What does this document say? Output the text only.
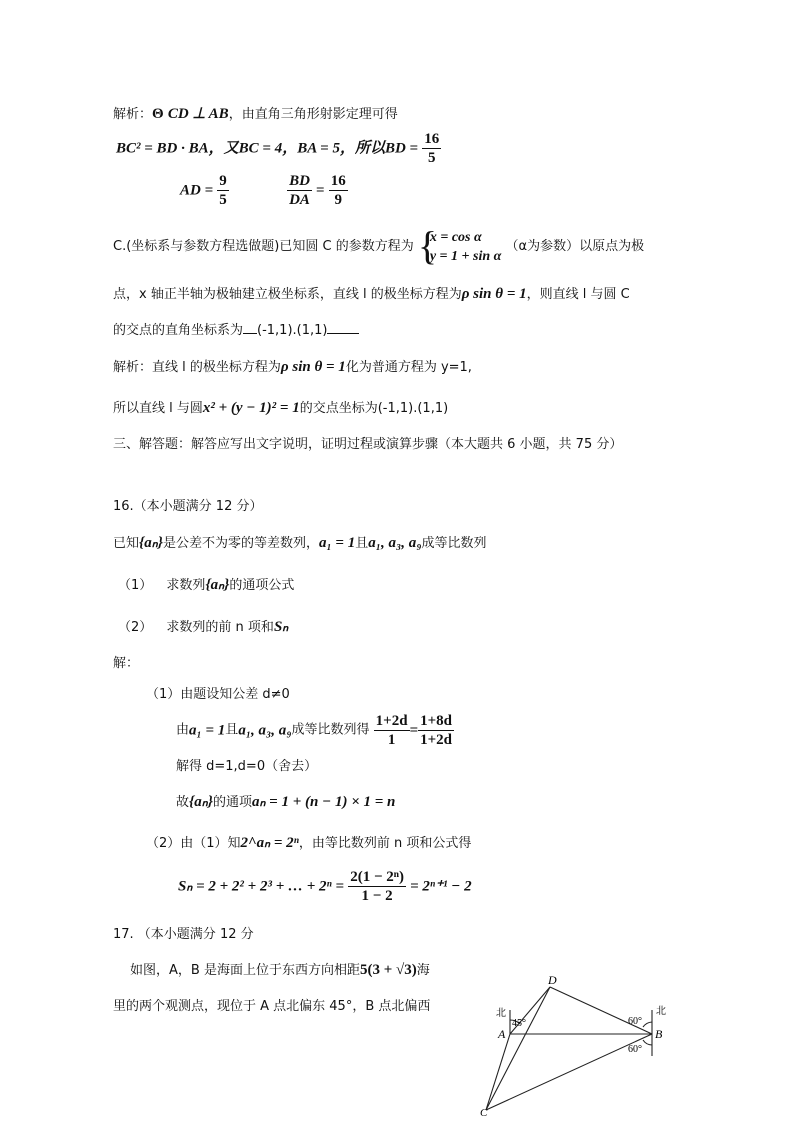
解析：Θ CD ⊥ AB，由直角三角形射影定理可得
BC² = BD · BA，又BC = 4，BA = 5，所以BD = $\frac{16}{5}$
AD = $\frac{9}{5}$
	$\frac{BD}{DA} = \frac{16}{9}$
C.(坐标系与参数方程选做题)已知圆 C 的参数方程为 {
x = cos α
y = 1 + sin α
（α为参数）以原点为极
点，x 轴正半轴为极轴建立极坐标系，直线 l 的极坐标方程为ρ sin θ = 1，则直线 l 与圆 C
的交点的直角坐标系为 (-1,1).(1,1)
解析：直线 l 的极坐标方程为ρ sin θ = 1化为普通方程为 y=1,
所以直线 l 与圆x² + (y − 1)² = 1的交点坐标为(-1,1).(1,1)
三、解答题：解答应写出文字说明，证明过程或演算步骤（本大题共 6 小题，共 75 分）
16.（本小题满分 12 分）
已知{aₙ}是公差不为零的等差数列，a₁ = 1且a₁, a₃, a₉成等比数列
（1） 求数列{aₙ}的通项公式
（2） 求数列的前 n 项和Sₙ
解：
（1）由题设知公差 d≠0
由a₁ = 1且a₁, a₃, a₉成等比数列得 $\frac{1+2d}{1} = \frac{1+8d}{1+2d}$
解得 d=1,d=0（舍去）
故{aₙ}的通项aₙ = 1 + (n − 1) × 1 = n
（2）由（1）知2^aₙ = 2ⁿ，由等比数列前 n 项和公式得
Sₙ = 2 + 2² + 2³ + … + $2^n = \frac{\text{2(1 − 2ⁿ)}}{1 - 2} = 2^{n+1} - 2$
17. （本小题满分 12 分
如图，A，B 是海面上位于东西方向相距5(3 + √3)海
里的两个观测点，现位于 A 点北偏东 45°，B 点北偏西
D
A	B
C
北	北
45°	60°
60°
